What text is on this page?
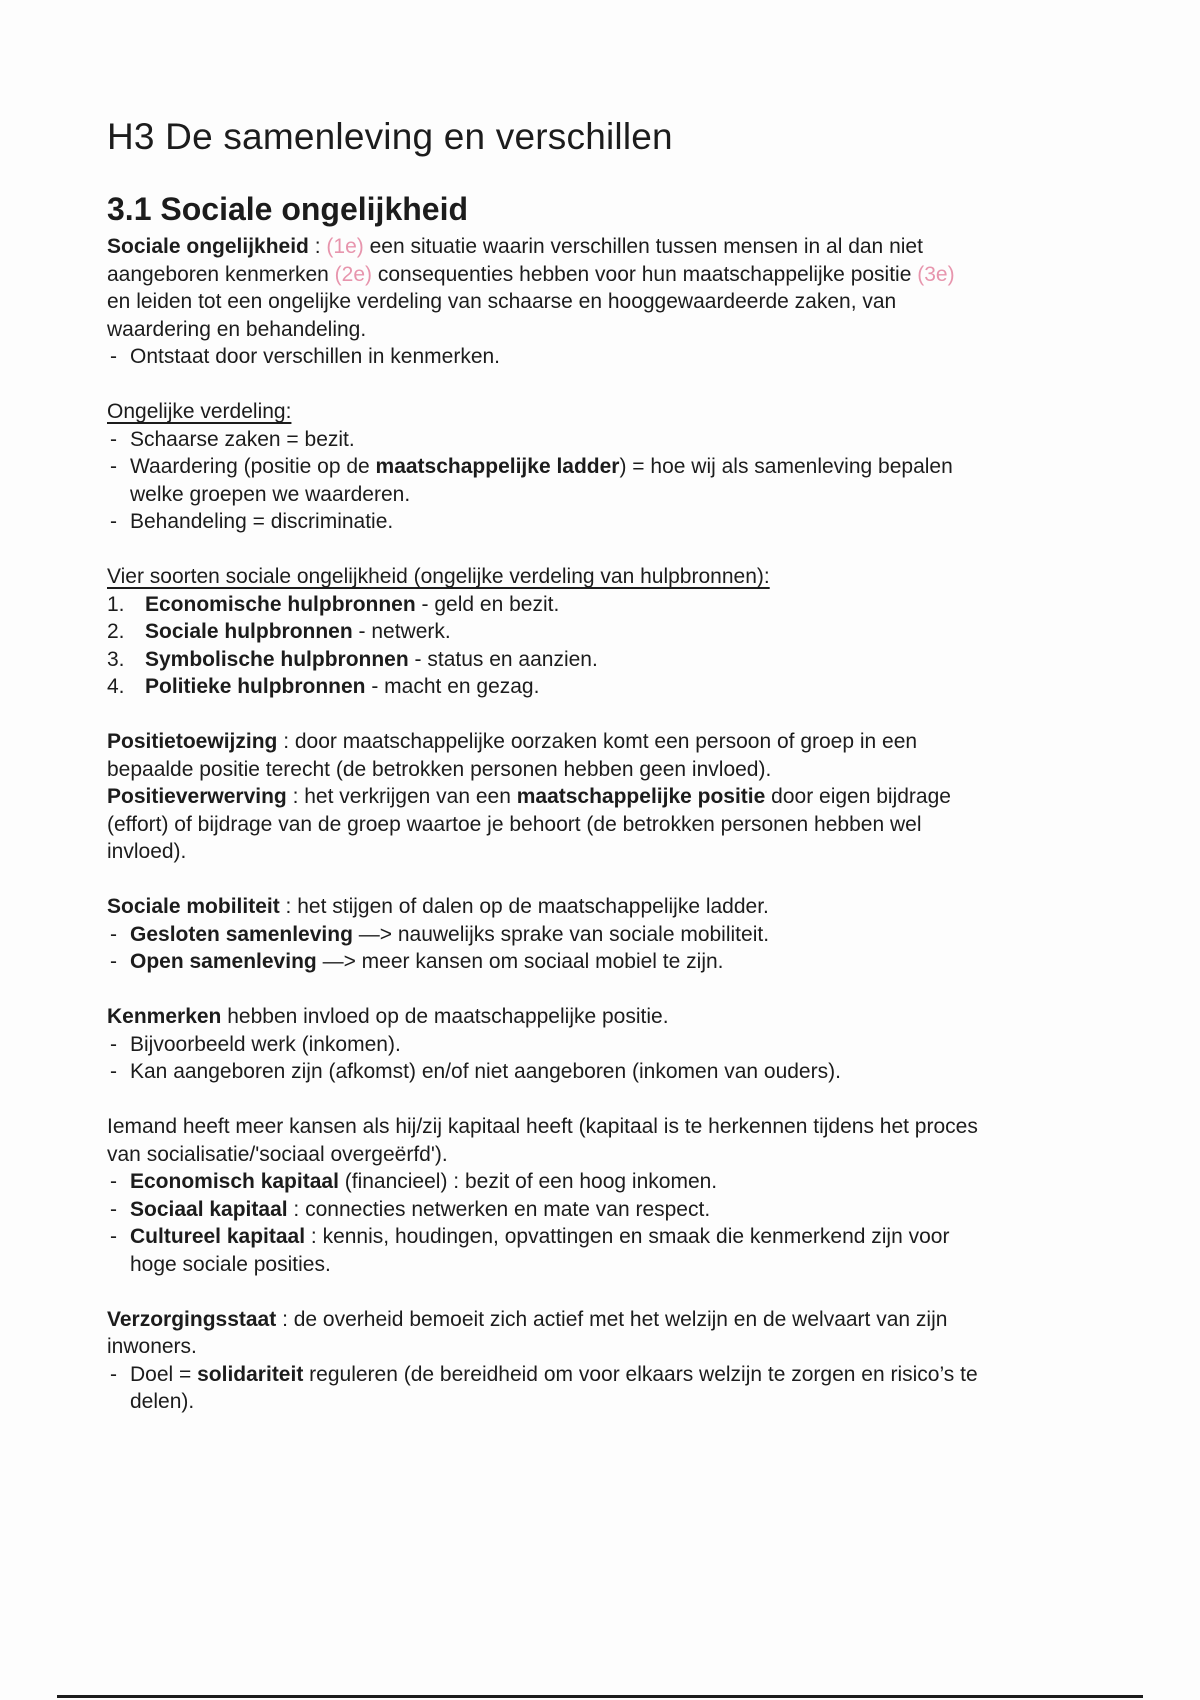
H3 De samenleving en verschillen
3.1 Sociale ongelijkheid

Sociale ongelijkheid : (1e) een situatie waarin verschillen tussen mensen in al dan niet aangeboren kenmerken (2e) consequenties hebben voor hun maatschappelijke positie (3e) en leiden tot een ongelijke verdeling van schaarse en hooggewaardeerde zaken, van waardering en behandeling.

- Ontstaat door verschillen in kenmerken.

Ongelijke verdeling:

- Schaarse zaken = bezit.
- Waardering (positie op de maatschappelijke ladder) = hoe wij als samenleving bepalen welke groepen we waarderen.
- Behandeling = discriminatie.

Vier soorten sociale ongelijkheid (ongelijke verdeling van hulpbronnen):

1. Economische hulpbronnen - geld en bezit.
2. Sociale hulpbronnen - netwerk.
3. Symbolische hulpbronnen - status en aanzien.
4. Politieke hulpbronnen - macht en gezag.

Positietoewijzing : door maatschappelijke oorzaken komt een persoon of groep in een bepaalde positie terecht (de betrokken personen hebben geen invloed).

Positieverwerving : het verkrijgen van een maatschappelijke positie door eigen bijdrage (effort) of bijdrage van de groep waartoe je behoort (de betrokken personen hebben wel invloed).

Sociale mobiliteit : het stijgen of dalen op de maatschappelijke ladder.

- Gesloten samenleving —> nauwelijks sprake van sociale mobiliteit.
- Open samenleving —> meer kansen om sociaal mobiel te zijn.

Kenmerken hebben invloed op de maatschappelijke positie.

- Bijvoorbeeld werk (inkomen).
- Kan aangeboren zijn (afkomst) en/of niet aangeboren (inkomen van ouders).

Iemand heeft meer kansen als hij/zij kapitaal heeft (kapitaal is te herkennen tijdens het proces van socialisatie/'sociaal overgeërfd').

- Economisch kapitaal (financieel) : bezit of een hoog inkomen.
- Sociaal kapitaal : connecties netwerken en mate van respect.
- Cultureel kapitaal : kennis, houdingen, opvattingen en smaak die kenmerkend zijn voor hoge sociale posities.

Verzorgingsstaat : de overheid bemoeit zich actief met het welzijn en de welvaart van zijn inwoners.

- Doel = solidariteit reguleren (de bereidheid om voor elkaars welzijn te zorgen en risico’s te delen).
